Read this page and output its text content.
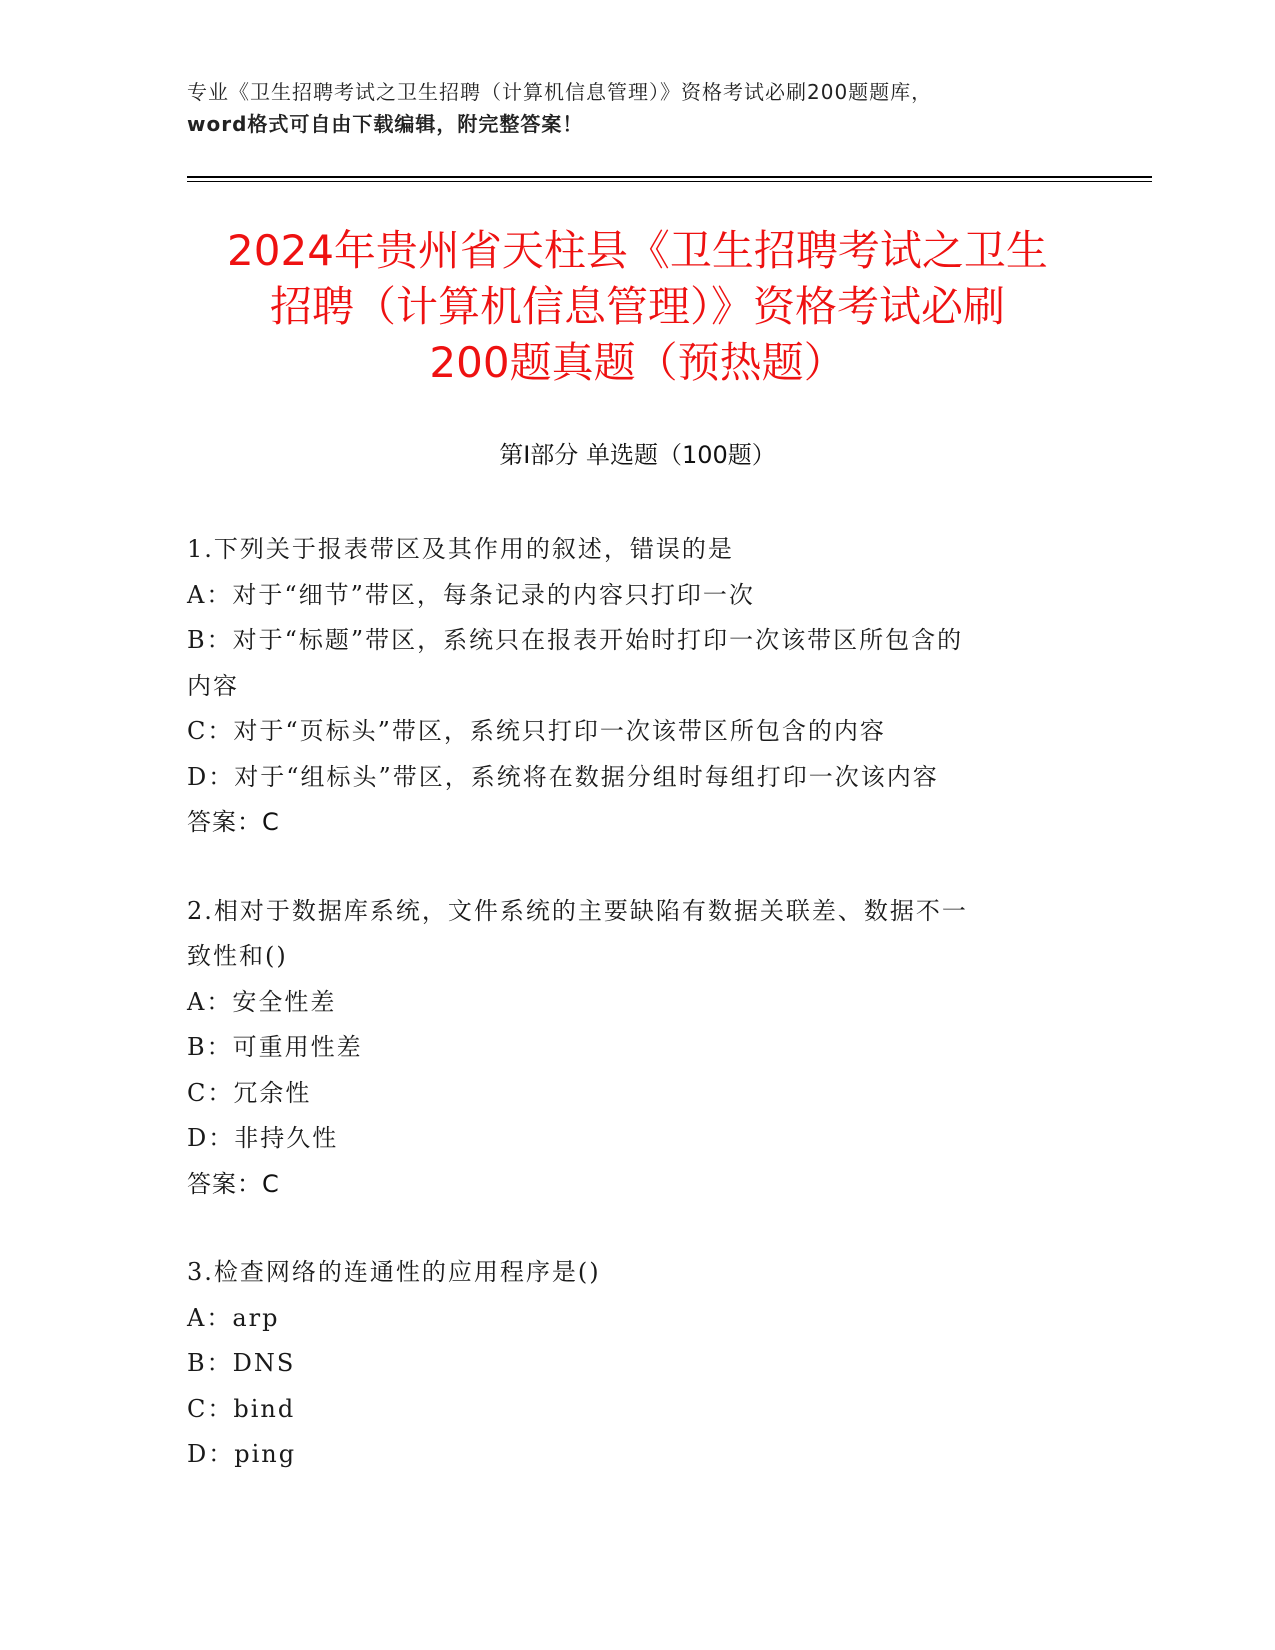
专业《卫生招聘考试之卫生招聘（计算机信息管理）》资格考试必刷200题题库，
word格式可自由下载编辑，附完整答案！
2024年贵州省天柱县《卫生招聘考试之卫生
招聘（计算机信息管理）》资格考试必刷
200题真题（预热题）
第Ⅰ部分 单选题（100题）
1.下列关于报表带区及其作用的叙述，错误的是
A：对于“细节”带区，每条记录的内容只打印一次
B：对于“标题”带区，系统只在报表开始时打印一次该带区所包含的
内容
C：对于“页标头”带区，系统只打印一次该带区所包含的内容
D：对于“组标头”带区，系统将在数据分组时每组打印一次该内容
答案：C
2.相对于数据库系统，文件系统的主要缺陷有数据关联差、数据不一
致性和()
A：安全性差
B：可重用性差
C：冗余性
D：非持久性
答案：C
3.检查网络的连通性的应用程序是()
A：arp
B：DNS
C：bind
D：ping
